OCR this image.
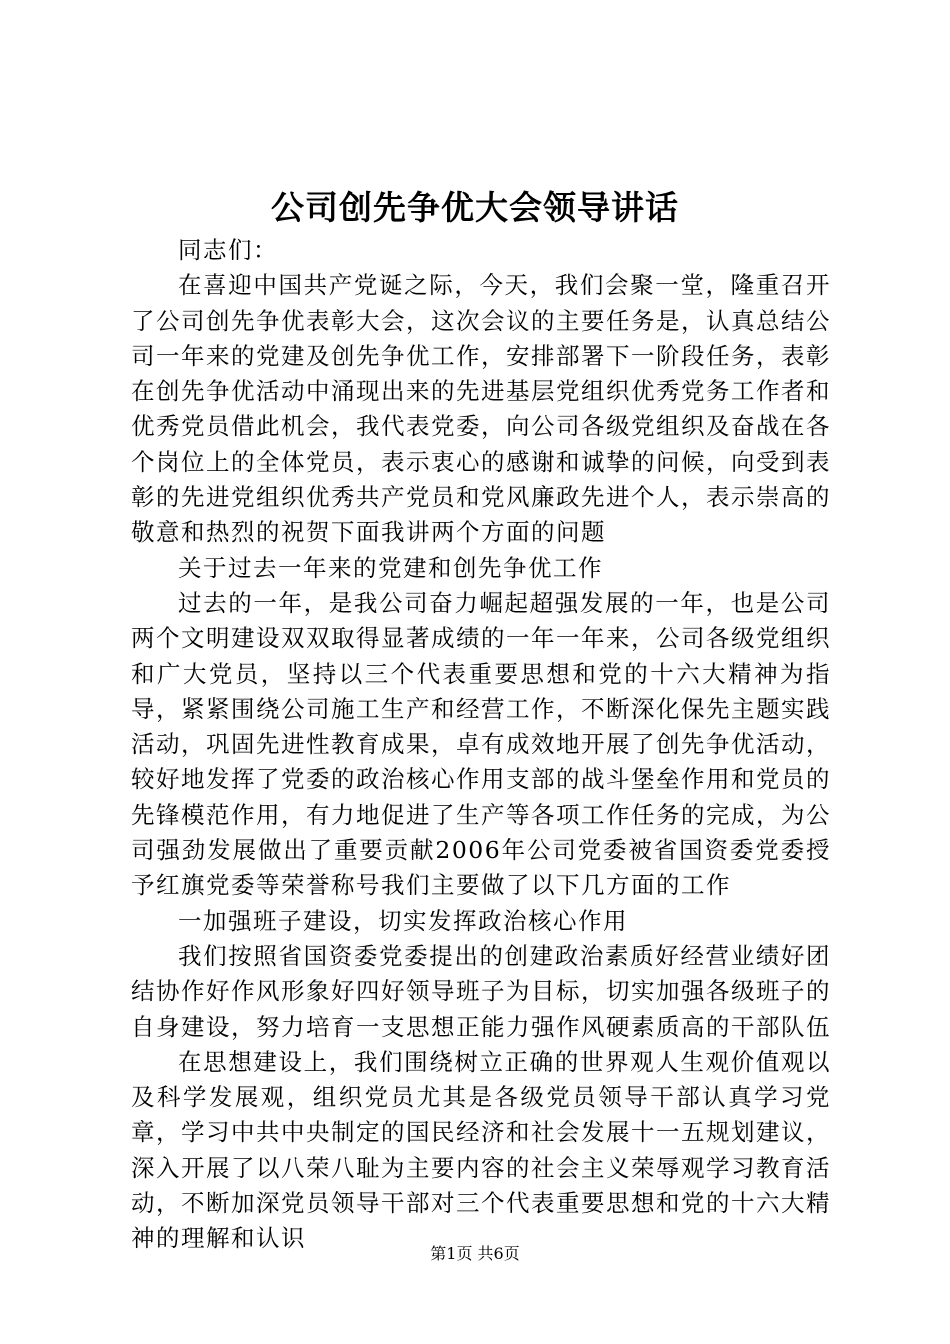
公司创先争优大会领导讲话

同志们：

在喜迎中国共产党诞之际，今天，我们会聚一堂，隆重召开了公司创先争优表彰大会，这次会议的主要任务是，认真总结公司一年来的党建及创先争优工作，安排部署下一阶段任务，表彰在创先争优活动中涌现出来的先进基层党组织优秀党务工作者和优秀党员借此机会，我代表党委，向公司各级党组织及奋战在各个岗位上的全体党员，表示衷心的感谢和诚挚的问候，向受到表彰的先进党组织优秀共产党员和党风廉政先进个人，表示崇高的敬意和热烈的祝贺下面我讲两个方面的问题

关于过去一年来的党建和创先争优工作

过去的一年，是我公司奋力崛起超强发展的一年，也是公司两个文明建设双双取得显著成绩的一年一年来，公司各级党组织和广大党员，坚持以三个代表重要思想和党的十六大精神为指导，紧紧围绕公司施工生产和经营工作，不断深化保先主题实践活动，巩固先进性教育成果，卓有成效地开展了创先争优活动，较好地发挥了党委的政治核心作用支部的战斗堡垒作用和党员的先锋模范作用，有力地促进了生产等各项工作任务的完成，为公司强劲发展做出了重要贡献2006年公司党委被省国资委党委授予红旗党委等荣誉称号我们主要做了以下几方面的工作

一加强班子建设，切实发挥政治核心作用

我们按照省国资委党委提出的创建政治素质好经营业绩好团结协作好作风形象好四好领导班子为目标，切实加强各级班子的自身建设，努力培育一支思想正能力强作风硬素质高的干部队伍

在思想建设上，我们围绕树立正确的世界观人生观价值观以及科学发展观，组织党员尤其是各级党员领导干部认真学习党章，学习中共中央制定的国民经济和社会发展十一五规划建议，深入开展了以八荣八耻为主要内容的社会主义荣辱观学习教育活动，不断加深党员领导干部对三个代表重要思想和党的十六大精神的理解和认识

第1页 共6页
